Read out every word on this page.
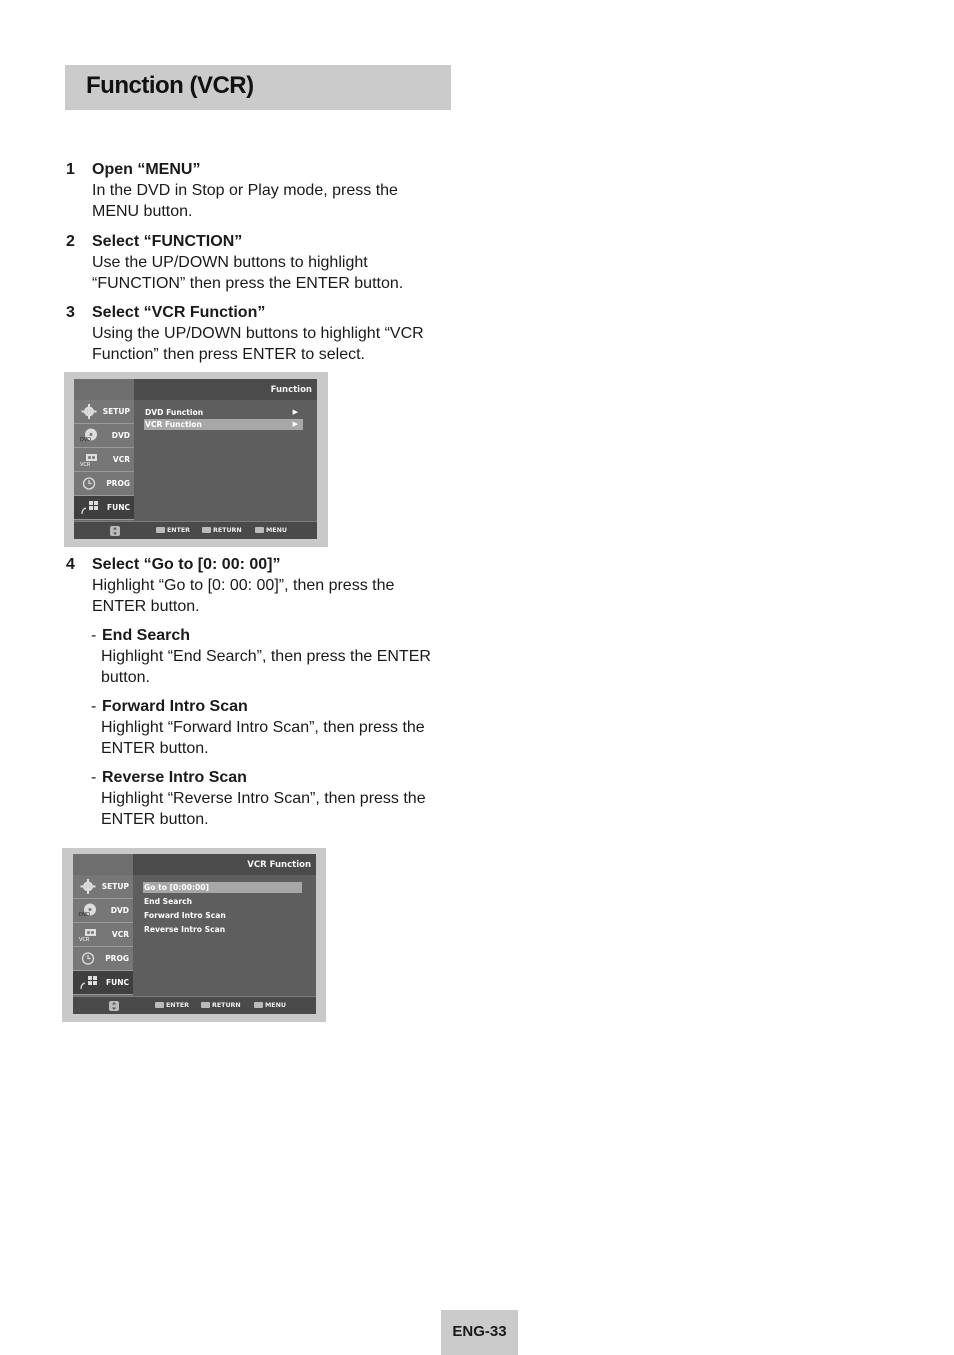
Function (VCR)
1 Open “MENU”
In the DVD in Stop or Play mode, press the MENU button.
2 Select “FUNCTION”
Use the UP/DOWN buttons to highlight “FUNCTION” then press the ENTER button.
3 Select “VCR Function”
Using the UP/DOWN buttons to highlight “VCR Function” then press ENTER to select.
Function
SETUP
DVD	DVD
VCR
VCR
PROG
FUNC
DVD Function	▶
VCR Function	▶
ENTER	RETURN	MENU
4 Select “Go to [0: 00: 00]”
Highlight “Go to [0: 00: 00]”, then press the ENTER button.
- End Search
Highlight “End Search”, then press the ENTER button.
- Forward Intro Scan
Highlight “Forward Intro Scan”, then press the ENTER button.
- Reverse Intro Scan
Highlight “Reverse Intro Scan”, then press the ENTER button.
VCR Function
SETUP
DVD	DVD
VCR
VCR
PROG
FUNC
Go to [0:00:00]
End Search
Forward Intro Scan
Reverse Intro Scan
ENTER	RETURN	MENU
ENG-33
